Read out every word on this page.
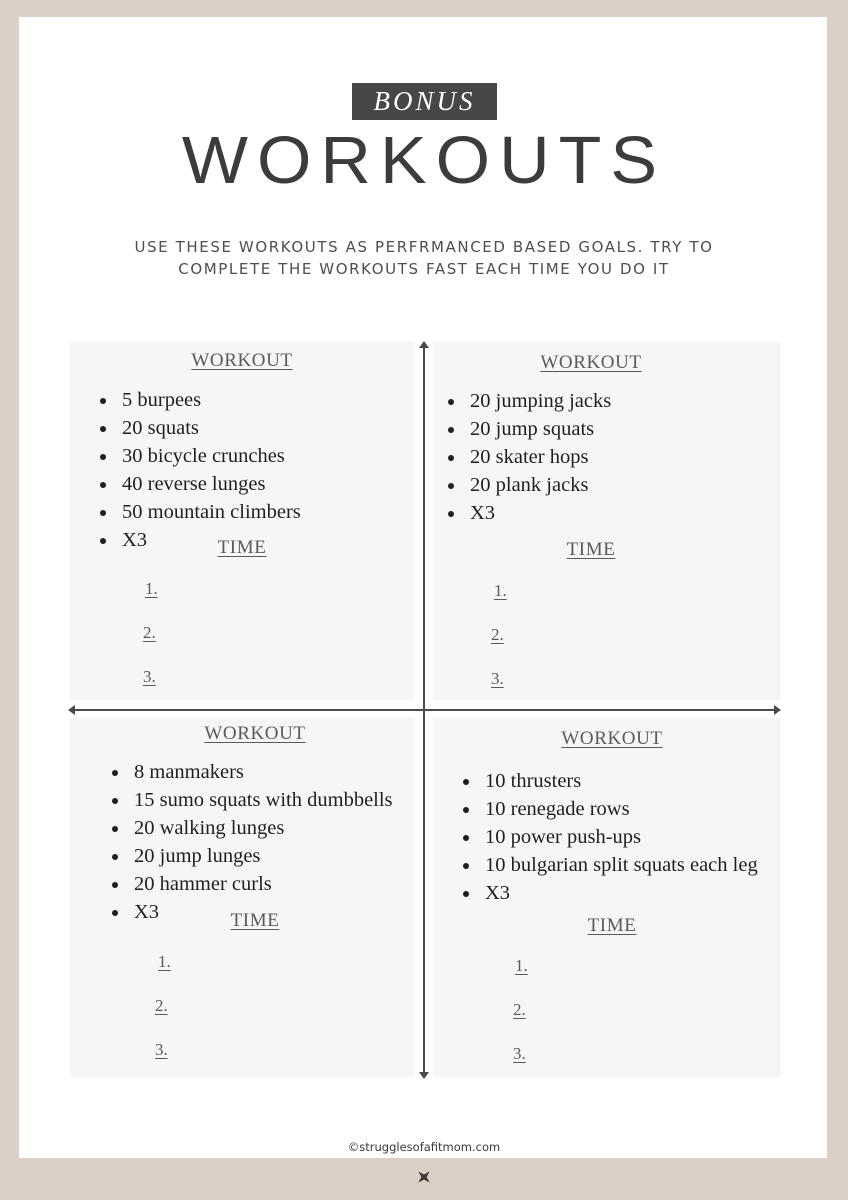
BONUS
WORKOUTS
USE THESE WORKOUTS AS PERFRMANCED BASED GOALS. TRY TO
COMPLETE THE WORKOUTS FAST EACH TIME YOU DO IT
WORKOUT
5 burpees
20 squats
30 bicycle crunches
40 reverse lunges
50 mountain climbers
X3	TIME
1.
2.
3.
WORKOUT
20 jumping jacks
20 jump squats
20 skater hops
20 plank jacks
X3
TIME
1.
2.
3.
WORKOUT
8 manmakers
15 sumo squats with dumbbells
20 walking lunges
20 jump lunges
20 hammer curls
X3	TIME
1.
2.
3.
WORKOUT
10 thrusters
10 renegade rows
10 power push-ups
10 bulgarian split squats each leg
X3
TIME
1.
2.
3.
©strugglesofafitmom.com
